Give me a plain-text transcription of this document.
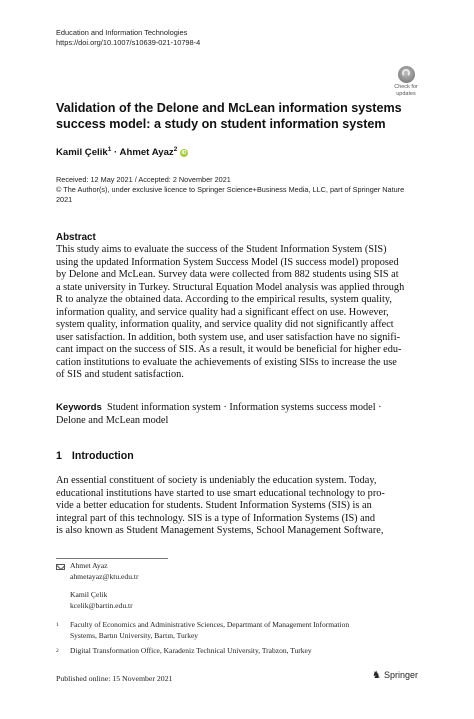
Education and Information Technologies
https://doi.org/10.1007/s10639-021-10798-4
Check for
updates
Validation of the Delone and McLean information systems
success model: a study on student information system
Kamil Çelik$^1$ · Ahmet Ayaz$^2$ iD
Received: 12 May 2021 / Accepted: 2 November 2021
© The Author(s), under exclusive licence to Springer Science+Business Media, LLC, part of Springer Nature
2021
Abstract
This study aims to evaluate the success of the Student Information System (SIS)
using the updated Information System Success Model (IS success model) proposed
by Delone and McLean. Survey data were collected from 882 students using SIS at
a state university in Turkey. Structural Equation Model analysis was applied through
R to analyze the obtained data. According to the empirical results, system quality,
information quality, and service quality had a significant effect on use. However,
system quality, information quality, and service quality did not significantly affect
user satisfaction. In addition, both system use, and user satisfaction have no signifi-
cant impact on the success of SIS. As a result, it would be beneficial for higher edu-
cation institutions to evaluate the achievements of existing SISs to increase the use
of SIS and student satisfaction.
Keywords Student information system · Information systems success model ·
Delone and McLean model
1 Introduction
An essential constituent of society is undeniably the education system. Today,
educational institutions have started to use smart educational technology to pro-
vide a better education for students. Student Information Systems (SIS) is an
integral part of this technology. SIS is a type of Information Systems (IS) and
is also known as Student Management Systems, School Management Software,
Ahmet Ayaz
ahmetayaz@ktu.edu.tr
Kamil Çelik
kcelik@bartin.edu.tr
1 Faculty of Economics and Administrative Sciences, Departmant of Management Information
Systems, Bartın University, Bartın, Turkey
2 Digital Transformation Office, Karadeniz Technical University, Trabzon, Turkey
Published online: 15 November 2021	♞ Springer
